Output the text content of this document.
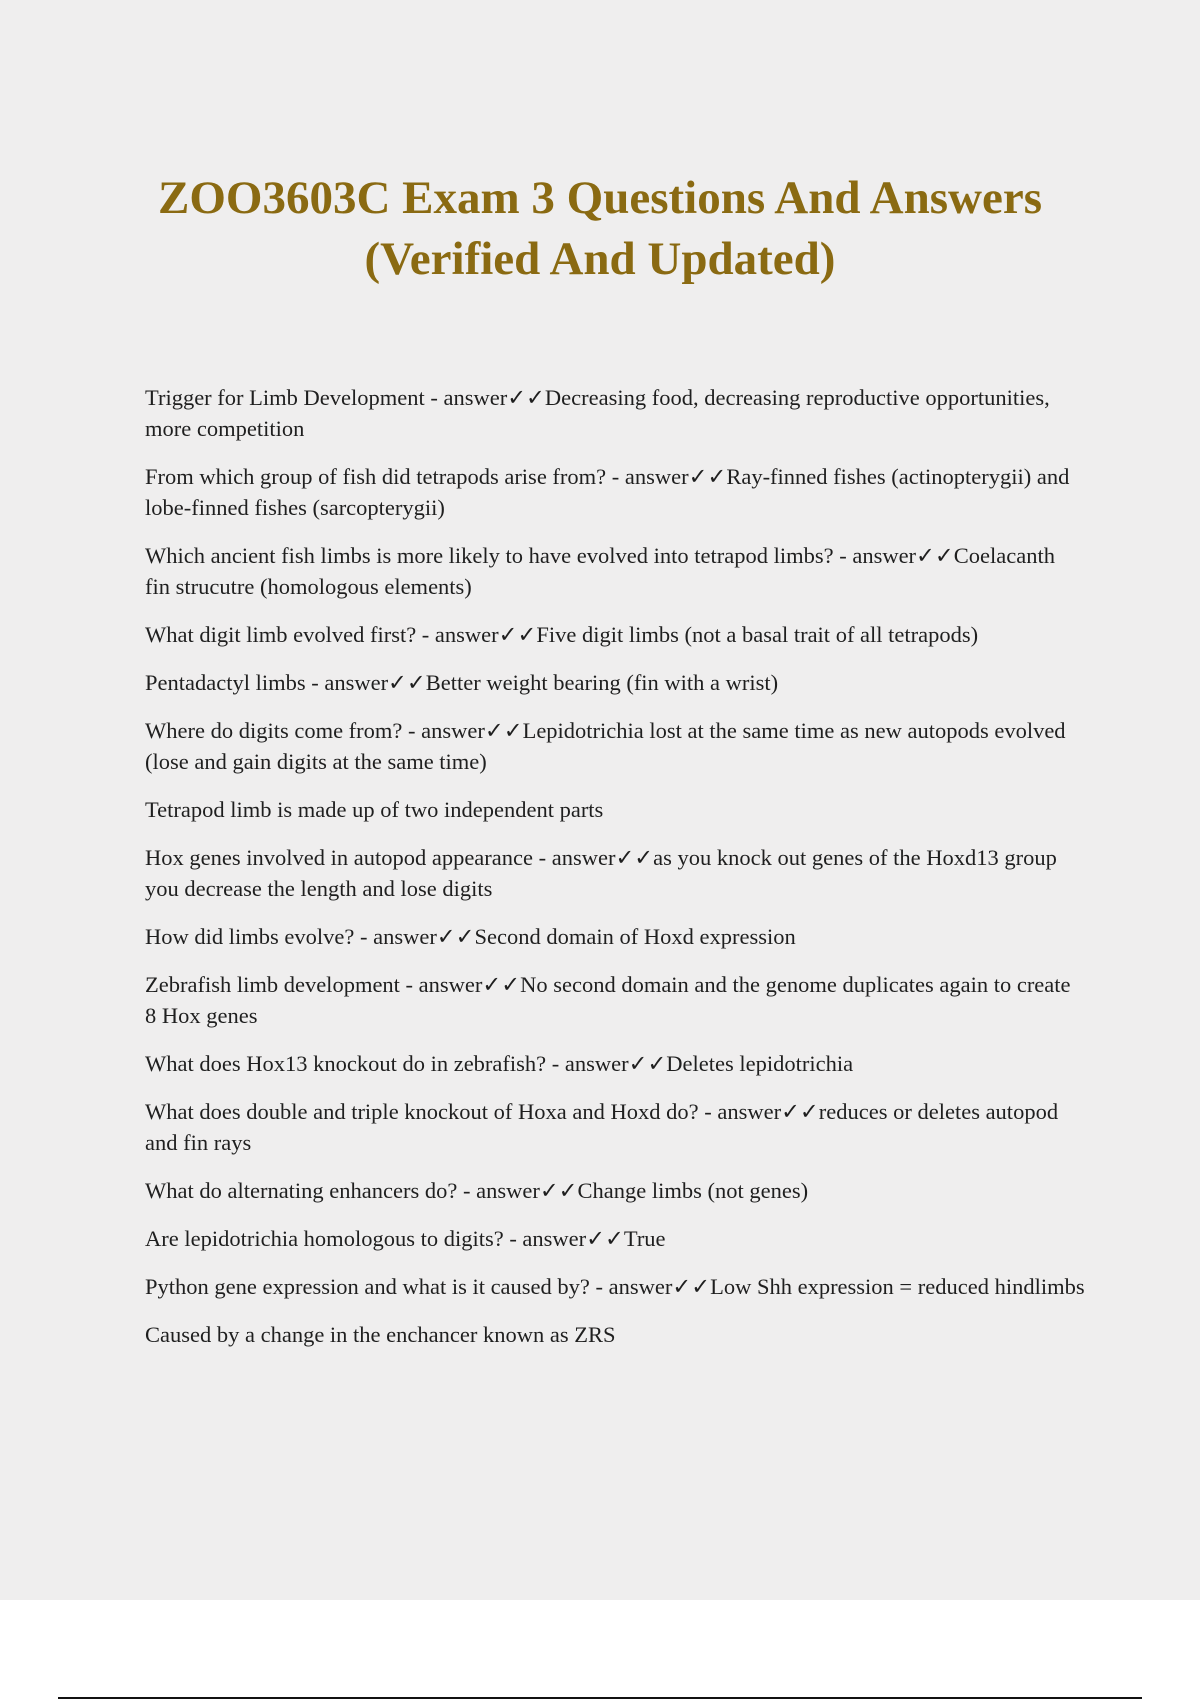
ZOO3603C Exam 3 Questions And Answers (Verified And Updated)
Trigger for Limb Development - answer✓✓Decreasing food, decreasing reproductive opportunities, more competition
From which group of fish did tetrapods arise from? - answer✓✓Ray-finned fishes (actinopterygii) and lobe-finned fishes (sarcopterygii)
Which ancient fish limbs is more likely to have evolved into tetrapod limbs? - answer✓✓Coelacanth fin strucutre (homologous elements)
What digit limb evolved first? - answer✓✓Five digit limbs (not a basal trait of all tetrapods)
Pentadactyl limbs - answer✓✓Better weight bearing (fin with a wrist)
Where do digits come from? - answer✓✓Lepidotrichia lost at the same time as new autopods evolved (lose and gain digits at the same time)
Tetrapod limb is made up of two independent parts
Hox genes involved in autopod appearance - answer✓✓as you knock out genes of the Hoxd13 group you decrease the length and lose digits
How did limbs evolve? - answer✓✓Second domain of Hoxd expression
Zebrafish limb development - answer✓✓No second domain and the genome duplicates again to create 8 Hox genes
What does Hox13 knockout do in zebrafish? - answer✓✓Deletes lepidotrichia
What does double and triple knockout of Hoxa and Hoxd do? - answer✓✓reduces or deletes autopod and fin rays
What do alternating enhancers do? - answer✓✓Change limbs (not genes)
Are lepidotrichia homologous to digits? - answer✓✓True
Python gene expression and what is it caused by? - answer✓✓Low Shh expression = reduced hindlimbs
Caused by a change in the enchancer known as ZRS
